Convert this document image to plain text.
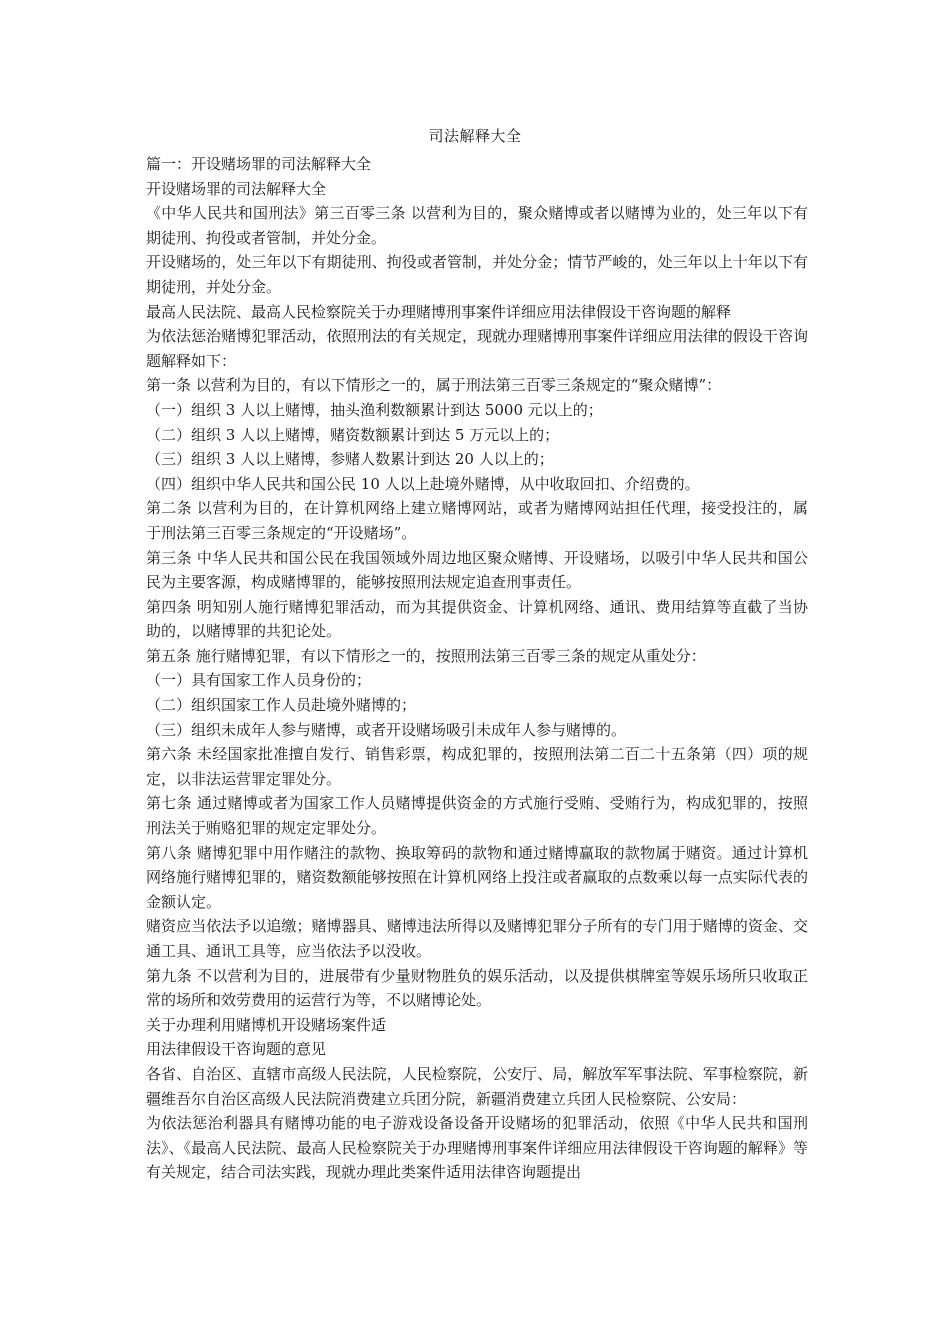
司法解释大全
篇一：开设赌场罪的司法解释大全
开设赌场罪的司法解释大全
《中华人民共和国刑法》第三百零三条 以营利为目的，聚众赌博或者以赌博为业的，处三年以下有期徒刑、拘役或者管制，并处分金。
开设赌场的，处三年以下有期徒刑、拘役或者管制，并处分金；情节严峻的，处三年以上十年以下有期徒刑，并处分金。
最高人民法院、最高人民检察院关于办理赌博刑事案件详细应用法律假设干咨询题的解释
为依法惩治赌博犯罪活动，依照刑法的有关规定，现就办理赌博刑事案件详细应用法律的假设干咨询题解释如下：
第一条 以营利为目的，有以下情形之一的，属于刑法第三百零三条规定的“聚众赌博”：
（一）组织 3 人以上赌博，抽头渔利数额累计到达 5000 元以上的；
（二）组织 3 人以上赌博，赌资数额累计到达 5 万元以上的；
（三）组织 3 人以上赌博，参赌人数累计到达 20 人以上的；
（四）组织中华人民共和国公民 10 人以上赴境外赌博，从中收取回扣、介绍费的。
第二条 以营利为目的，在计算机网络上建立赌博网站，或者为赌博网站担任代理，接受投注的，属于刑法第三百零三条规定的“开设赌场”。
第三条 中华人民共和国公民在我国领域外周边地区聚众赌博、开设赌场，以吸引中华人民共和国公民为主要客源，构成赌博罪的，能够按照刑法规定追查刑事责任。
第四条 明知别人施行赌博犯罪活动，而为其提供资金、计算机网络、通讯、费用结算等直截了当协助的，以赌博罪的共犯论处。
第五条 施行赌博犯罪，有以下情形之一的，按照刑法第三百零三条的规定从重处分：
（一）具有国家工作人员身份的；
（二）组织国家工作人员赴境外赌博的；
（三）组织未成年人参与赌博，或者开设赌场吸引未成年人参与赌博的。
第六条 未经国家批准擅自发行、销售彩票，构成犯罪的，按照刑法第二百二十五条第（四）项的规定，以非法运营罪定罪处分。
第七条 通过赌博或者为国家工作人员赌博提供资金的方式施行受贿、受贿行为，构成犯罪的，按照刑法关于贿赂犯罪的规定定罪处分。
第八条 赌博犯罪中用作赌注的款物、换取筹码的款物和通过赌博赢取的款物属于赌资。通过计算机网络施行赌博犯罪的，赌资数额能够按照在计算机网络上投注或者赢取的点数乘以每一点实际代表的金额认定。
赌资应当依法予以追缴；赌博器具、赌博违法所得以及赌博犯罪分子所有的专门用于赌博的资金、交通工具、通讯工具等，应当依法予以没收。
第九条 不以营利为目的，进展带有少量财物胜负的娱乐活动，以及提供棋牌室等娱乐场所只收取正常的场所和效劳费用的运营行为等，不以赌博论处。
关于办理利用赌博机开设赌场案件适
用法律假设干咨询题的意见
各省、自治区、直辖市高级人民法院，人民检察院，公安厅、局，解放军军事法院、军事检察院，新疆维吾尔自治区高级人民法院消费建立兵团分院，新疆消费建立兵团人民检察院、公安局：
为依法惩治利器具有赌博功能的电子游戏设备设备开设赌场的犯罪活动，依照《中华人民共和国刑法》、《最高人民法院、最高人民检察院关于办理赌博刑事案件详细应用法律假设干咨询题的解释》等有关规定，结合司法实践，现就办理此类案件适用法律咨询题提出
